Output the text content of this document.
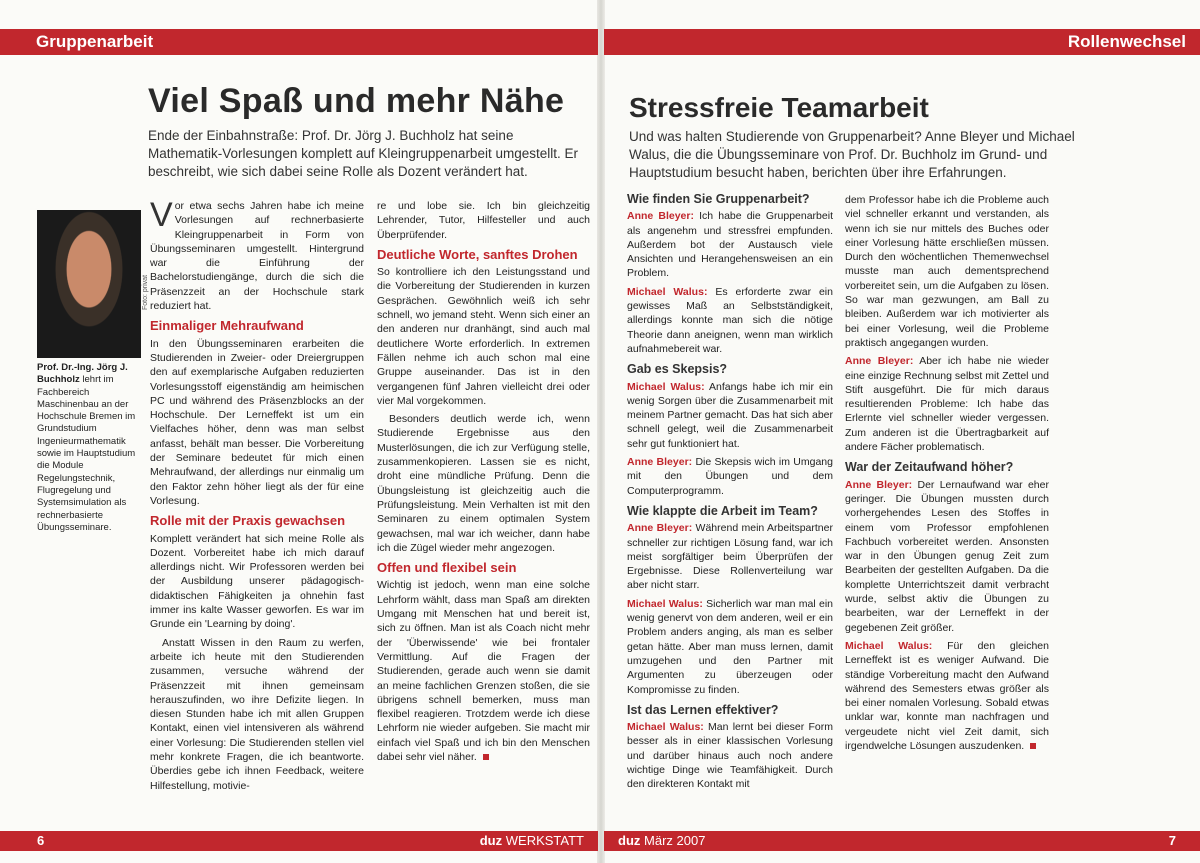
Gruppenarbeit	Rollenwechsel
Viel Spaß und mehr Nähe

Ende der Einbahnstraße: Prof. Dr. Jörg J. Buchholz hat seine Mathematik-Vorlesungen komplett auf Kleingruppenarbeit umgestellt. Er beschreibt, wie sich dabei seine Rolle als Dozent verändert hat.

Foto: privat
Prof. Dr.-Ing. Jörg J. Buchholz lehrt im Fachbereich Maschinenbau an der Hochschule Bremen im Grundstudium Ingenieurmathematik sowie im Hauptstudium die Module Regelungstechnik, Flugregelung und Systemsimulation als rechnerbasierte Übungsseminare.

Vor etwa sechs Jahren habe ich meine Vorlesungen auf rechnerbasierte Kleingruppenarbeit in Form von Übungsseminaren umgestellt. Hintergrund war die Einführung der Bachelorstudiengänge, durch die sich die Präsenzzeit an der Hochschule stark reduziert hat.

Einmaliger Mehraufwand

In den Übungsseminaren erarbeiten die Studierenden in Zweier- oder Dreiergruppen den auf exemplarische Aufgaben reduzierten Vorlesungsstoff eigenständig am heimischen PC und während des Präsenzblocks an der Hochschule. Der Lerneffekt ist um ein Vielfaches höher, denn was man selbst anfasst, behält man besser. Die Vorbereitung der Seminare bedeutet für mich einen Mehraufwand, der allerdings nur einmalig um den Faktor zehn höher liegt als der für eine Vorlesung.

Rolle mit der Praxis gewachsen

Komplett verändert hat sich meine Rolle als Dozent. Vorbereitet habe ich mich darauf allerdings nicht. Wir Professoren werden bei der Ausbildung unserer pädagogisch-didaktischen Fähigkeiten ja ohnehin fast immer ins kalte Wasser geworfen. Es war im Grunde ein 'Learning by doing'.

Anstatt Wissen in den Raum zu werfen, arbeite ich heute mit den Studierenden zusammen, versuche während der Präsenzzeit mit ihnen gemeinsam herauszufinden, wo ihre Defizite liegen. In diesen Stunden habe ich mit allen Gruppen Kontakt, einen viel intensiveren als während einer Vorlesung: Die Studierenden stellen viel mehr konkrete Fragen, die ich beantworte. Überdies gebe ich ihnen Feedback, weitere Hilfestellung, motivie-

re und lobe sie. Ich bin gleichzeitig Lehrender, Tutor, Hilfesteller und auch Überprüfender.

Deutliche Worte, sanftes Drohen

So kontrolliere ich den Leistungsstand und die Vorbereitung der Studierenden in kurzen Gesprächen. Gewöhnlich weiß ich sehr schnell, wo jemand steht. Wenn sich einer an den anderen nur dranhängt, sind auch mal deutlichere Worte erforderlich. In extremen Fällen nehme ich auch schon mal eine Gruppe auseinander. Das ist in den vergangenen fünf Jahren vielleicht drei oder vier Mal vorgekommen.

Besonders deutlich werde ich, wenn Studierende Ergebnisse aus den Musterlösungen, die ich zur Verfügung stelle, zusammenkopieren. Lassen sie es nicht, droht eine mündliche Prüfung. Denn die Übungsleistung ist gleichzeitig auch die Prüfungsleistung. Mein Verhalten ist mit den Seminaren zu einem optimalen System gewachsen, mal war ich weicher, dann habe ich die Zügel wieder mehr angezogen.

Offen und flexibel sein

Wichtig ist jedoch, wenn man eine solche Lehrform wählt, dass man Spaß am direkten Umgang mit Menschen hat und bereit ist, sich zu öffnen. Man ist als Coach nicht mehr der 'Überwissende' wie bei frontaler Vermittlung. Auf die Fragen der Studierenden, gerade auch wenn sie damit an meine fachlichen Grenzen stoßen, die sie übrigens schnell bemerken, muss man flexibel reagieren. Trotzdem werde ich diese Lehrform nie wieder aufgeben. Sie macht mir einfach viel Spaß und ich bin den Menschen dabei sehr viel näher.

Stressfreie Teamarbeit

Und was halten Studierende von Gruppenarbeit? Anne Bleyer und Michael Walus, die die Übungsseminare von Prof. Dr. Buchholz im Grund- und Hauptstudium besucht haben, berichten über ihre Erfahrungen.

Wie finden Sie Gruppenarbeit?

Anne Bleyer: Ich habe die Gruppenarbeit als angenehm und stressfrei empfunden. Außerdem bot der Austausch viele Ansichten und Herangehensweisen an ein Problem.

Michael Walus: Es erforderte zwar ein gewisses Maß an Selbstständigkeit, allerdings konnte man sich die nötige Theorie dann aneignen, wenn man wirklich aufnahmebereit war.

Gab es Skepsis?

Michael Walus: Anfangs habe ich mir ein wenig Sorgen über die Zusammenarbeit mit meinem Partner gemacht. Das hat sich aber schnell gelegt, weil die Zusammenarbeit sehr gut funktioniert hat.

Anne Bleyer: Die Skepsis wich im Umgang mit den Übungen und dem Computerprogramm.

Wie klappte die Arbeit im Team?

Anne Bleyer: Während mein Arbeitspartner schneller zur richtigen Lösung fand, war ich meist sorgfältiger beim Überprüfen der Ergebnisse. Diese Rollenverteilung war aber nicht starr.

Michael Walus: Sicherlich war man mal ein wenig genervt von dem anderen, weil er ein Problem anders anging, als man es selber getan hätte. Aber man muss lernen, damit umzugehen und den Partner mit Argumenten zu überzeugen oder Kompromisse zu finden.

Ist das Lernen effektiver?

Michael Walus: Man lernt bei dieser Form besser als in einer klassischen Vorlesung und darüber hinaus auch noch andere wichtige Dinge wie Teamfähigkeit. Durch den direkteren Kontakt mit

dem Professor habe ich die Probleme auch viel schneller erkannt und verstanden, als wenn ich sie nur mittels des Buches oder einer Vorlesung hätte erschließen müssen. Durch den wöchentlichen Themenwechsel musste man auch dementsprechend vorbereitet sein, um die Aufgaben zu lösen. So war man gezwungen, am Ball zu bleiben. Außerdem war ich motivierter als bei einer Vorlesung, weil die Probleme praktisch angegangen wurden.

Anne Bleyer: Aber ich habe nie wieder eine einzige Rechnung selbst mit Zettel und Stift ausgeführt. Die für mich daraus resultierenden Probleme: Ich habe das Erlernte viel schneller wieder vergessen. Zum anderen ist die Übertragbarkeit auf andere Fächer problematisch.

War der Zeitaufwand höher?

Anne Bleyer: Der Lernaufwand war eher geringer. Die Übungen mussten durch vorhergehendes Lesen des Stoffes in einem vom Professor empfohlenen Fachbuch vorbereitet werden. Ansonsten war in den Übungen genug Zeit zum Bearbeiten der gestellten Aufgaben. Da die komplette Unterrichtszeit damit verbracht wurde, selbst aktiv die Übungen zu bearbeiten, war der Lerneffekt in der gegebenen Zeit größer.

Michael Walus: Für den gleichen Lerneffekt ist es weniger Aufwand. Die ständige Vorbereitung macht den Aufwand während des Semesters etwas größer als bei einer nomalen Vorlesung. Sobald etwas unklar war, konnte man nachfragen und vergeudete nicht viel Zeit damit, sich irgendwelche Lösungen auszudenken.

6	duz WERKSTATT	duz März 2007	7
